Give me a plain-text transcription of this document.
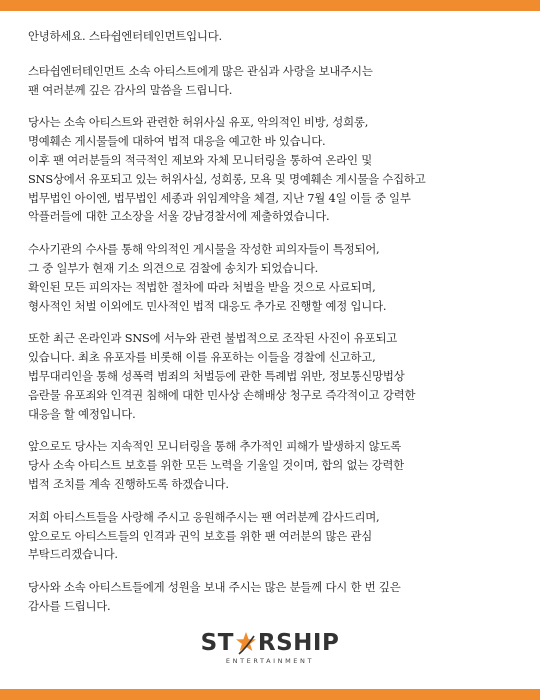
안녕하세요. 스타쉽엔터테인먼트입니다.
스타쉽엔터테인먼트 소속 아티스트에게 많은 관심과 사랑을 보내주시는
팬 여러분께 깊은 감사의 말씀을 드립니다.
당사는 소속 아티스트와 관련한 허위사실 유포, 악의적인 비방, 성희롱,
명예훼손 게시물들에 대하여 법적 대응을 예고한 바 있습니다.
이후 팬 여러분들의 적극적인 제보와 자체 모니터링을 통하여 온라인 및
SNS상에서 유포되고 있는 허위사실, 성희롱, 모욕 및 명예훼손 게시물을 수집하고
법무법인 아이엔, 법무법인 세종과 위임계약을 체결, 지난 7월 4일 이들 중 일부
악플러들에 대한 고소장을 서울 강남경찰서에 제출하였습니다.
수사기관의 수사를 통해 악의적인 게시물을 작성한 피의자들이 특정되어,
그 중 일부가 현재 기소 의견으로 검찰에 송치가 되었습니다.
확인된 모든 피의자는 적법한 절차에 따라 처벌을 받을 것으로 사료되며,
형사적인 처벌 이외에도 민사적인 법적 대응도 추가로 진행할 예정 입니다.
또한 최근 온라인과 SNS에 서누와 관련 불법적으로 조작된 사진이 유포되고
있습니다. 최초 유포자를 비롯해 이를 유포하는 이들을 경찰에 신고하고,
법무대리인을 통해 성폭력 범죄의 처벌등에 관한 특례법 위반, 정보통신망법상
음란물 유포죄와 인격권 침해에 대한 민사상 손해배상 청구로 즉각적이고 강력한
대응을 할 예정입니다.
앞으로도 당사는 지속적인 모니터링을 통해 추가적인 피해가 발생하지 않도록
당사 소속 아티스트 보호를 위한 모든 노력을 기울일 것이며, 합의 없는 강력한
법적 조치를 계속 진행하도록 하겠습니다.
저희 아티스트들을 사랑해 주시고 응원해주시는 팬 여러분께 감사드리며,
앞으로도 아티스트들의 인격과 권익 보호를 위한 팬 여러분의 많은 관심
부탁드리겠습니다.
당사와 소속 아티스트들에게 성원을 보내 주시는 많은 분들께 다시 한 번 깊은
감사를 드립니다.
ST RSHIP
ENTERTAINMENT
